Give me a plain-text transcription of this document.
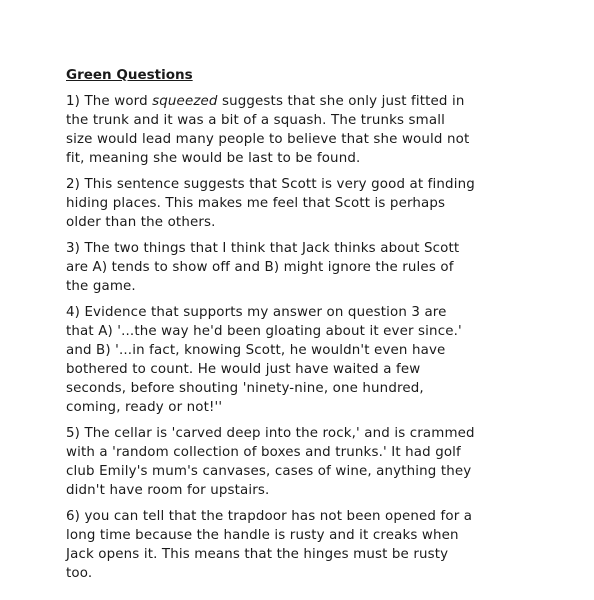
Green Questions
1) The word squeezed suggests that she only just fitted in
the trunk and it was a bit of a squash. The trunks small
size would lead many people to believe that she would not
fit, meaning she would be last to be found.
2) This sentence suggests that Scott is very good at finding
hiding places. This makes me feel that Scott is perhaps
older than the others.
3) The two things that I think that Jack thinks about Scott
are A) tends to show off and B) might ignore the rules of
the game.
4) Evidence that supports my answer on question 3 are
that A) '...the way he'd been gloating about it ever since.'
and B) '...in fact, knowing Scott, he wouldn't even have
bothered to count. He would just have waited a few
seconds, before shouting 'ninety-nine, one hundred,
coming, ready or not!''
5) The cellar is 'carved deep into the rock,' and is crammed
with a 'random collection of boxes and trunks.' It had golf
club Emily's mum's canvases, cases of wine, anything they
didn't have room for upstairs.
6) you can tell that the trapdoor has not been opened for a
long time because the handle is rusty and it creaks when
Jack opens it. This means that the hinges must be rusty
too.
